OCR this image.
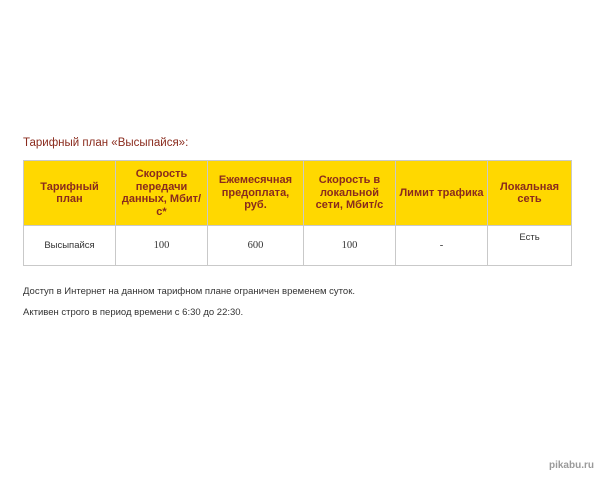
Тарифный план «Высыпайся»:
Тарифный план	Скорость передачи данных, Мбит/с*	Ежемесячная предоплата, руб.	Скорость в локальной сети, Мбит/с	Лимит трафика	Локальная сеть
Высыпайся	100	600	100	-	Есть
Доступ в Интернет на данном тарифном плане ограничен временем суток.
Активен строго в период времени с 6:30 до 22:30.
pikabu.ru
